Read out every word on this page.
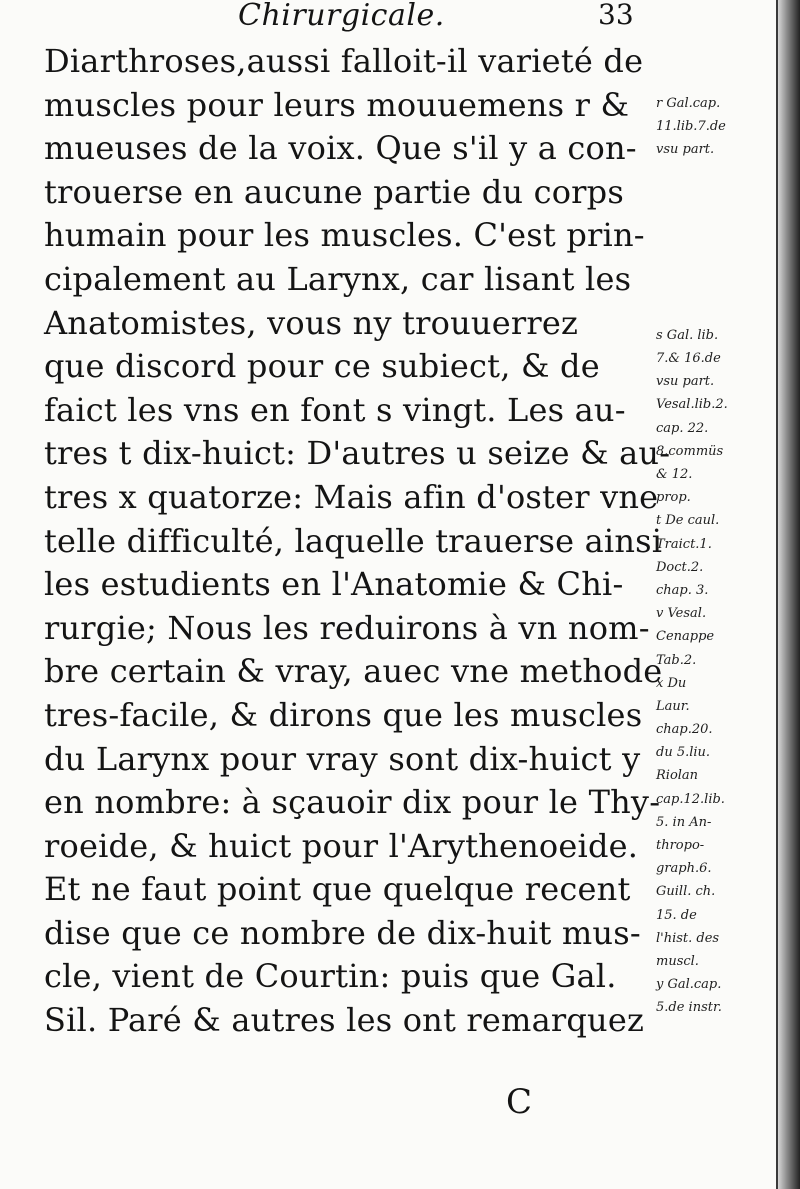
Chirurgicale.	33
Diarthroses,aussi falloit-il varieté de
muscles pour leurs mouuemens r &
mueuses de la voix. Que s'il y a con-
trouerse en aucune partie du corps
humain pour les muscles. C'est prin-
cipalement au Larynx, car lisant les
Anatomistes, vous ny trouuerrez
que discord pour ce subiect, & de
faict les vns en font s vingt. Les au-
tres t dix-huict: D'autres u seize & au-
tres x quatorze: Mais afin d'oster vne
telle difficulté, laquelle trauerse ainsi
les estudients en l'Anatomie & Chi-
rurgie; Nous les reduirons à vn nom-
bre certain & vray, auec vne methode
tres-facile, & dirons que les muscles
du Larynx pour vray sont dix-huict y
en nombre: à sçauoir dix pour le Thy-
roeide, & huict pour l'Arythenoeide.
Et ne faut point que quelque recent
dise que ce nombre de dix-huit mus-
cle, vient de Courtin: puis que Gal.
Sil. Paré & autres les ont remarquez
r Gal.cap.
11.lib.7.de
vsu part.
s Gal. lib.
7.& 16.de
vsu part.
Vesal.lib.2.
cap. 22.
8.commüs
& 12.
prop.
t De caul.
Traict.1.
Doct.2.
chap. 3.
v Vesal.
Cenappe
Tab.2.
x Du
Laur.
chap.20.
du 5.liu.
Riolan
cap.12.lib.
5. in An-
thropo-
graph.6.
Guill. ch.
15. de
l'hist. des
muscl.
y Gal.cap.
5.de instr.
C
